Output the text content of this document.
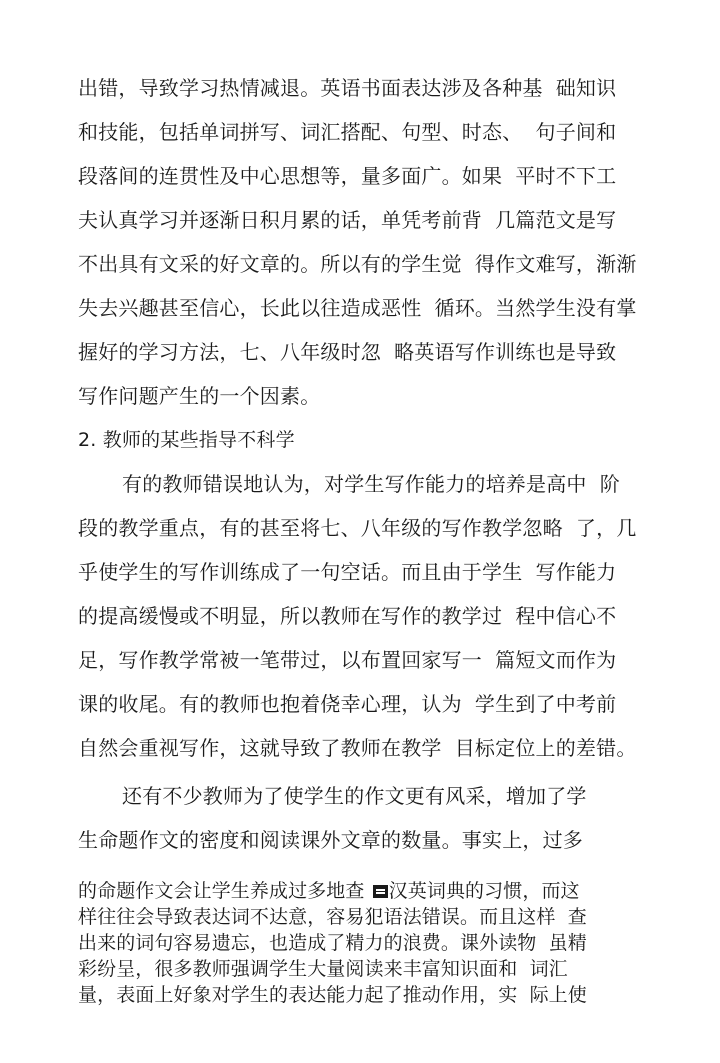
出错，导致学习热情减退。英语书面表达涉及各种基  础知识
和技能，包括单词拼写、词汇搭配、句型、时态、  句子间和
段落间的连贯性及中心思想等，量多面广。如果  平时不下工
夫认真学习并逐渐日积月累的话，单凭考前背  几篇范文是写
不出具有文采的好文章的。所以有的学生觉  得作文难写，渐渐
失去兴趣甚至信心，长此以往造成恶性  循环。当然学生没有掌
握好的学习方法，七、八年级时忽  略英语写作训练也是导致
写作问题产生的一个因素。
2. 教师的某些指导不科学
有的教师错误地认为，对学生写作能力的培养是高中  阶
段的教学重点，有的甚至将七、八年级的写作教学忽略  了，几
乎使学生的写作训练成了一句空话。而且由于学生  写作能力
的提高缓慢或不明显，所以教师在写作的教学过  程中信心不
足，写作教学常被一笔带过，以布置回家写一  篇短文而作为
课的收尾。有的教师也抱着侥幸心理，认为  学生到了中考前
自然会重视写作，这就导致了教师在教学  目标定位上的差错。
还有不少教师为了使学生的作文更有风采，增加了学
生命题作文的密度和阅读课外文章的数量。事实上，过多
的命题作文会让学生养成过多地查 汉英词典的习惯，而这
样往往会导致表达词不达意，容易犯语法错误。而且这样  查
出来的词句容易遗忘，也造成了精力的浪费。课外读物  虽精
彩纷呈，很多教师强调学生大量阅读来丰富知识面和  词汇
量，表面上好象对学生的表达能力起了推动作用，实  际上使
